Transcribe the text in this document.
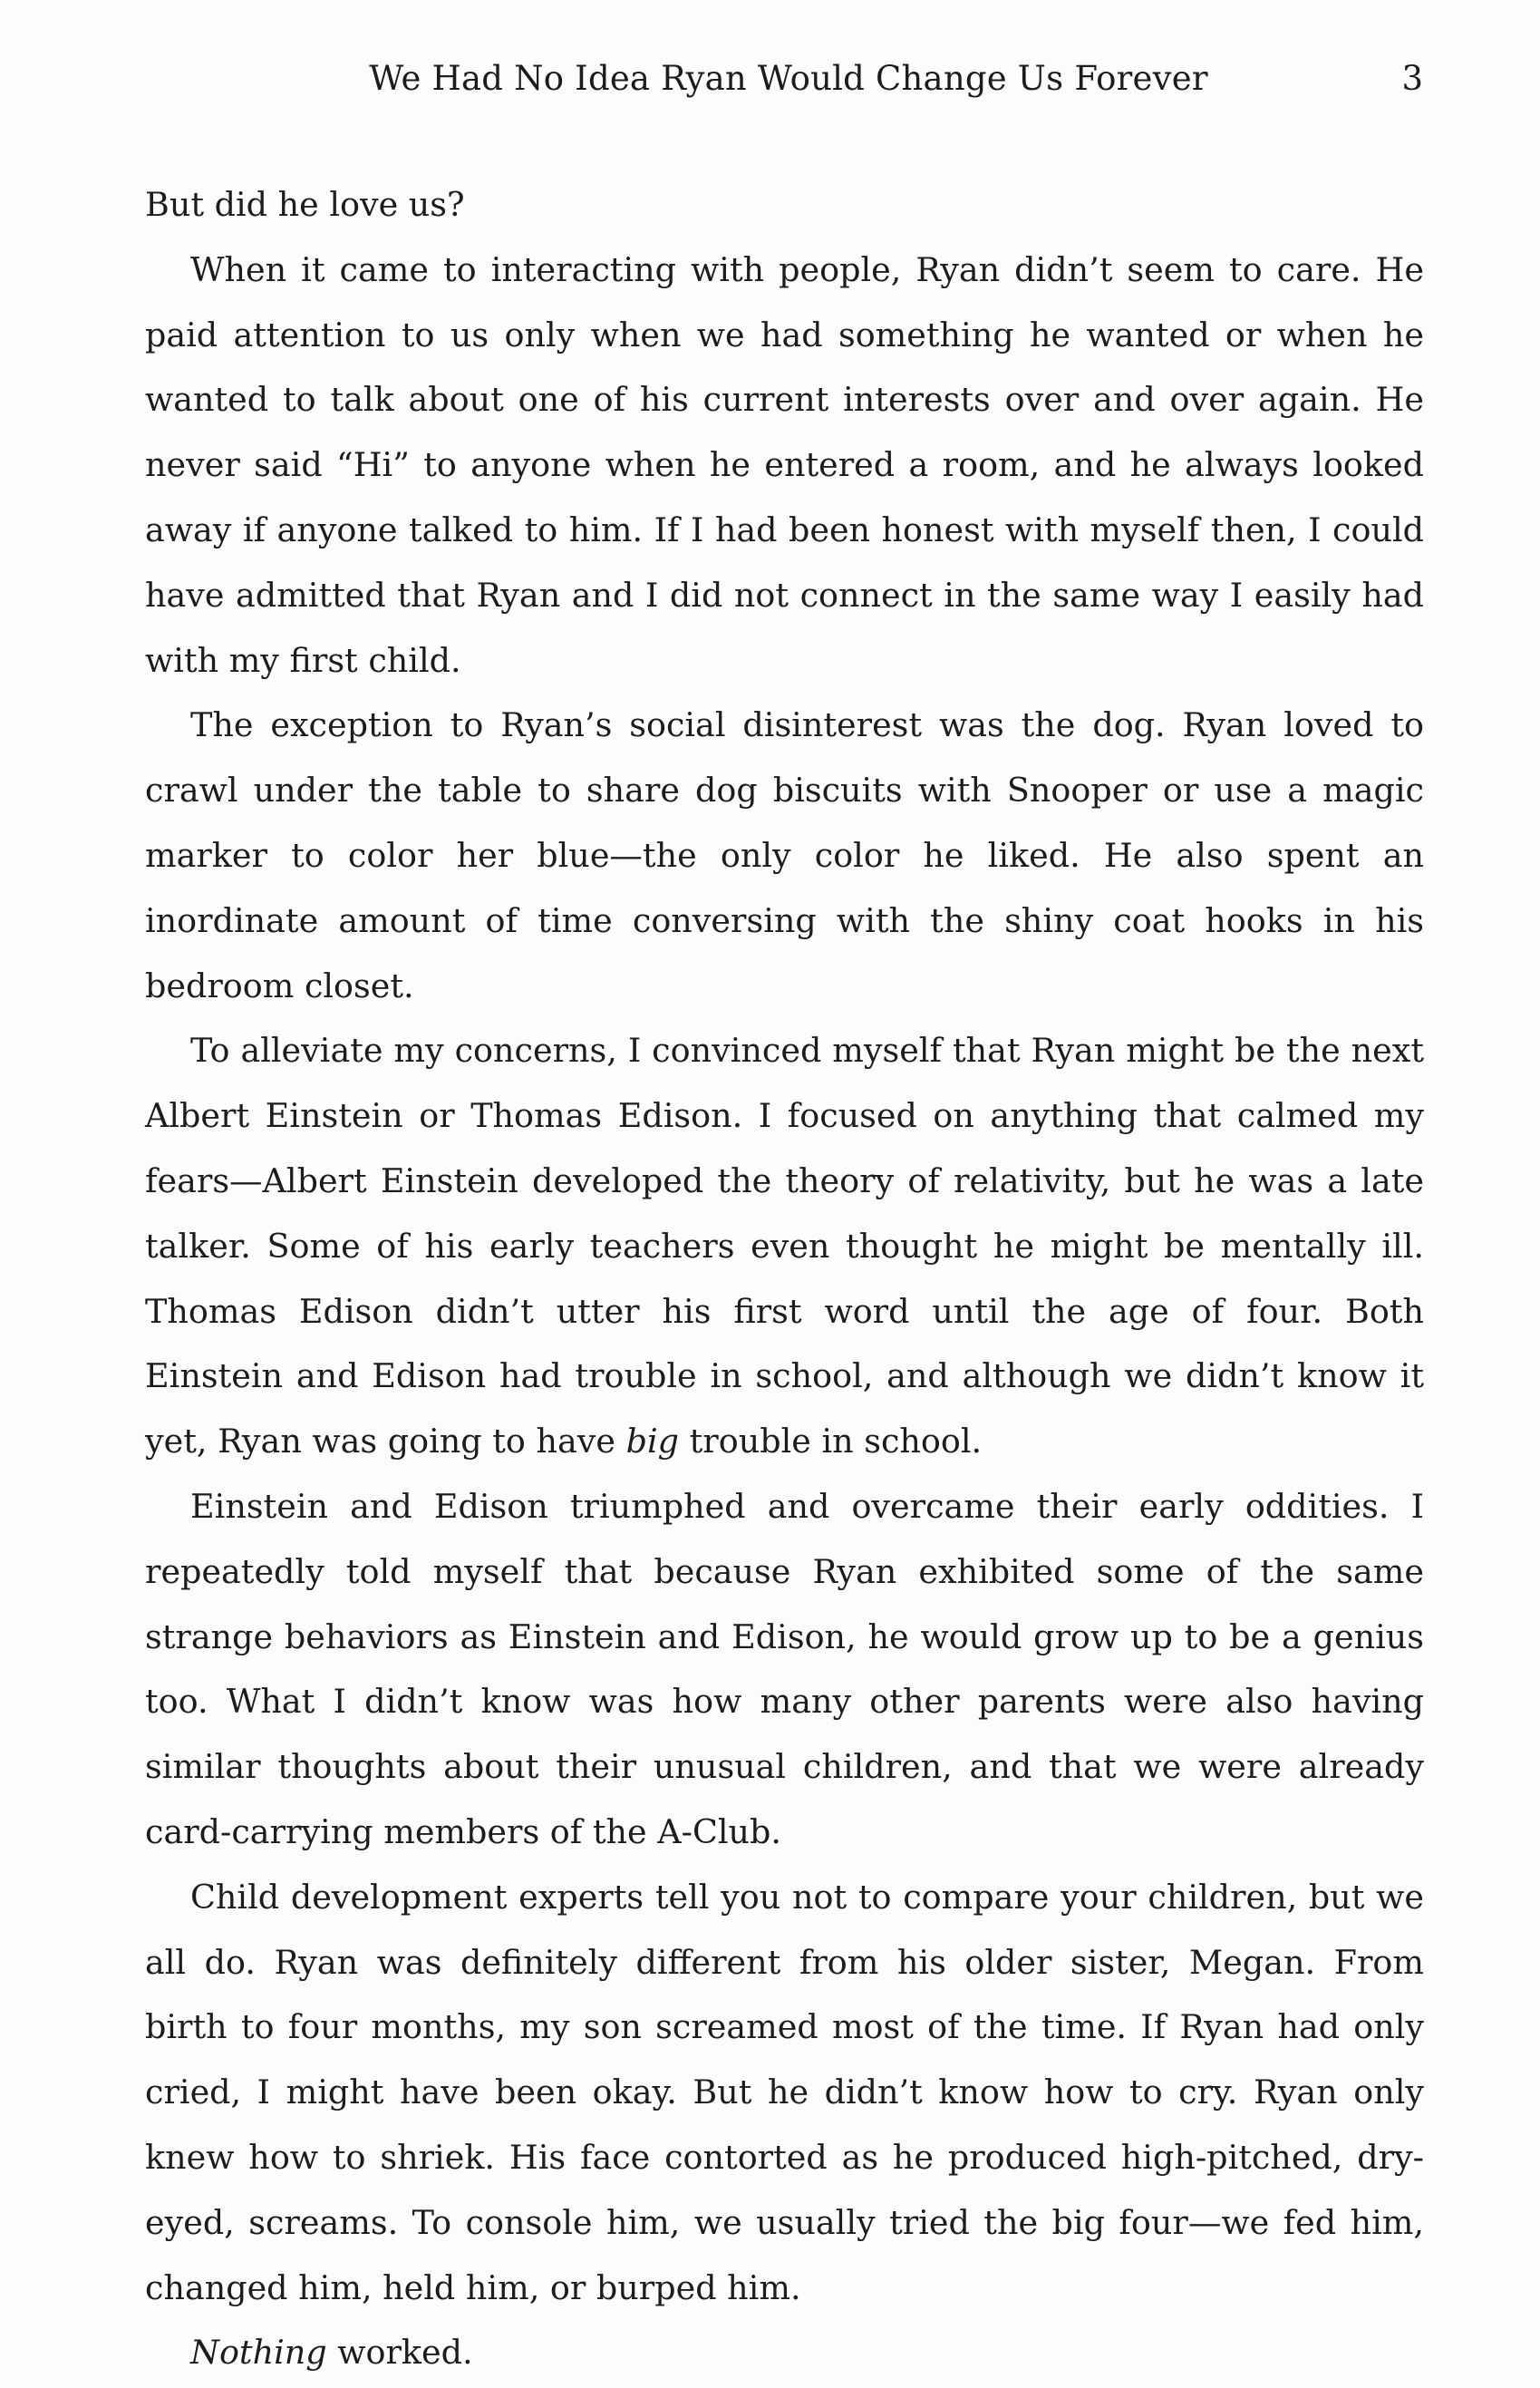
We Had No Idea Ryan Would Change Us Forever	3

But did he love us?

When it came to interacting with people, Ryan didn’t seem to care. He paid attention to us only when we had something he wanted or when he wanted to talk about one of his current interests over and over again. He never said “Hi” to anyone when he entered a room, and he always looked away if anyone talked to him. If I had been honest with myself then, I could have admitted that Ryan and I did not connect in the same way I easily had with my first child.

The exception to Ryan’s social disinterest was the dog. Ryan loved to crawl under the table to share dog biscuits with Snooper or use a magic marker to color her blue—the only color he liked. He also spent an inordinate amount of time conversing with the shiny coat hooks in his bedroom closet.

To alleviate my concerns, I convinced myself that Ryan might be the next Albert Einstein or Thomas Edison. I focused on anything that calmed my fears—Albert Einstein developed the theory of relativity, but he was a late talker. Some of his early teachers even thought he might be mentally ill. Thomas Edison didn’t utter his first word until the age of four. Both Einstein and Edison had trouble in school, and although we didn’t know it yet, Ryan was going to have big trouble in school.

Einstein and Edison triumphed and overcame their early oddities. I repeatedly told myself that because Ryan exhibited some of the same strange behaviors as Einstein and Edison, he would grow up to be a genius too. What I didn’t know was how many other parents were also having similar thoughts about their unusual children, and that we were already card-carrying members of the A-Club.

Child development experts tell you not to compare your children, but we all do. Ryan was definitely different from his older sister, Megan. From birth to four months, my son screamed most of the time. If Ryan had only cried, I might have been okay. But he didn’t know how to cry. Ryan only knew how to shriek. His face contorted as he produced high-pitched, dry-eyed, screams. To console him, we usually tried the big four—we fed him, changed him, held him, or burped him.

Nothing worked.
